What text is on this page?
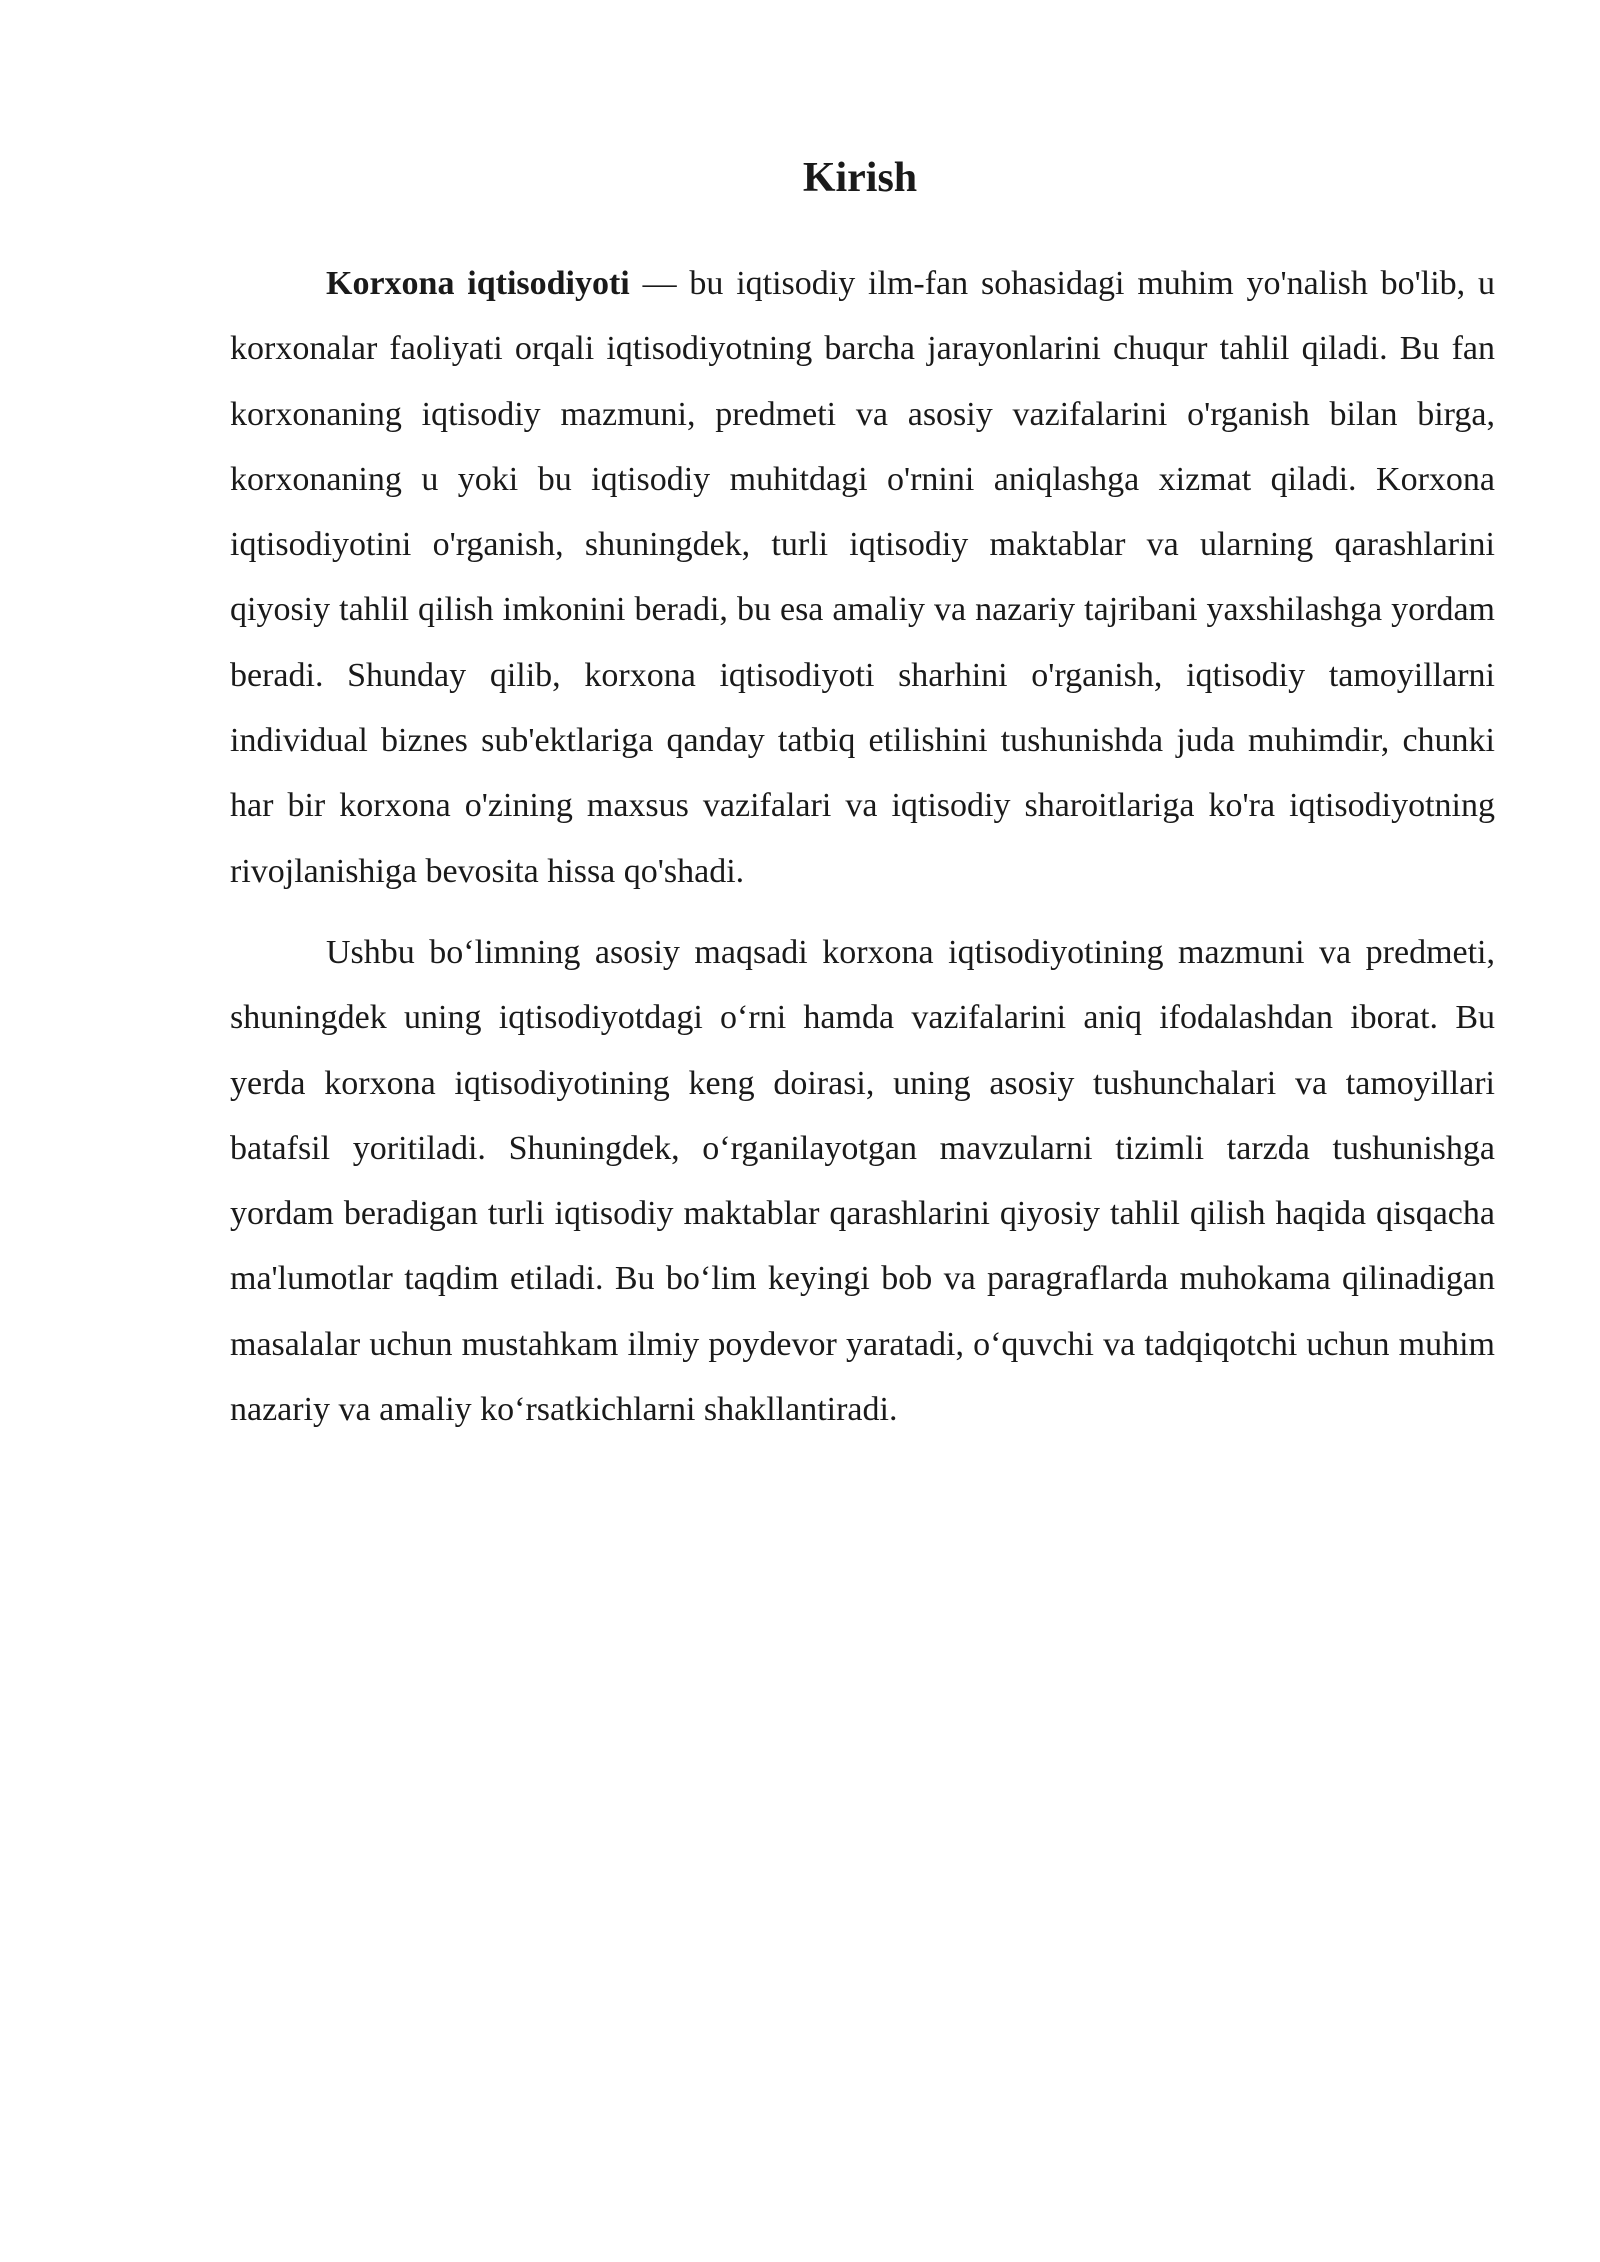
Kirish

Korxona iqtisodiyoti — bu iqtisodiy ilm-fan sohasidagi muhim yo'nalish bo'lib, u korxonalar faoliyati orqali iqtisodiyotning barcha jarayonlarini chuqur tahlil qiladi. Bu fan korxonaning iqtisodiy mazmuni, predmeti va asosiy vazifalarini o'rganish bilan birga, korxonaning u yoki bu iqtisodiy muhitdagi o'rnini aniqlashga xizmat qiladi. Korxona iqtisodiyotini o'rganish, shuningdek, turli iqtisodiy maktablar va ularning qarashlarini qiyosiy tahlil qilish imkonini beradi, bu esa amaliy va nazariy tajribani yaxshilashga yordam beradi. Shunday qilib, korxona iqtisodiyoti sharhini o'rganish, iqtisodiy tamoyillarni individual biznes sub'ektlariga qanday tatbiq etilishini tushunishda juda muhimdir, chunki har bir korxona o'zining maxsus vazifalari va iqtisodiy sharoitlariga ko'ra iqtisodiyotning rivojlanishiga bevosita hissa qo'shadi.

Ushbu bo‘limning asosiy maqsadi korxona iqtisodiyotining mazmuni va predmeti, shuningdek uning iqtisodiyotdagi o‘rni hamda vazifalarini aniq ifodalashdan iborat. Bu yerda korxona iqtisodiyotining keng doirasi, uning asosiy tushunchalari va tamoyillari batafsil yoritiladi. Shuningdek, o‘rganilayotgan mavzularni tizimli tarzda tushunishga yordam beradigan turli iqtisodiy maktablar qarashlarini qiyosiy tahlil qilish haqida qisqacha ma'lumotlar taqdim etiladi. Bu bo‘lim keyingi bob va paragraflarda muhokama qilinadigan masalalar uchun mustahkam ilmiy poydevor yaratadi, o‘quvchi va tadqiqotchi uchun muhim nazariy va amaliy ko‘rsatkichlarni shakllantiradi.
